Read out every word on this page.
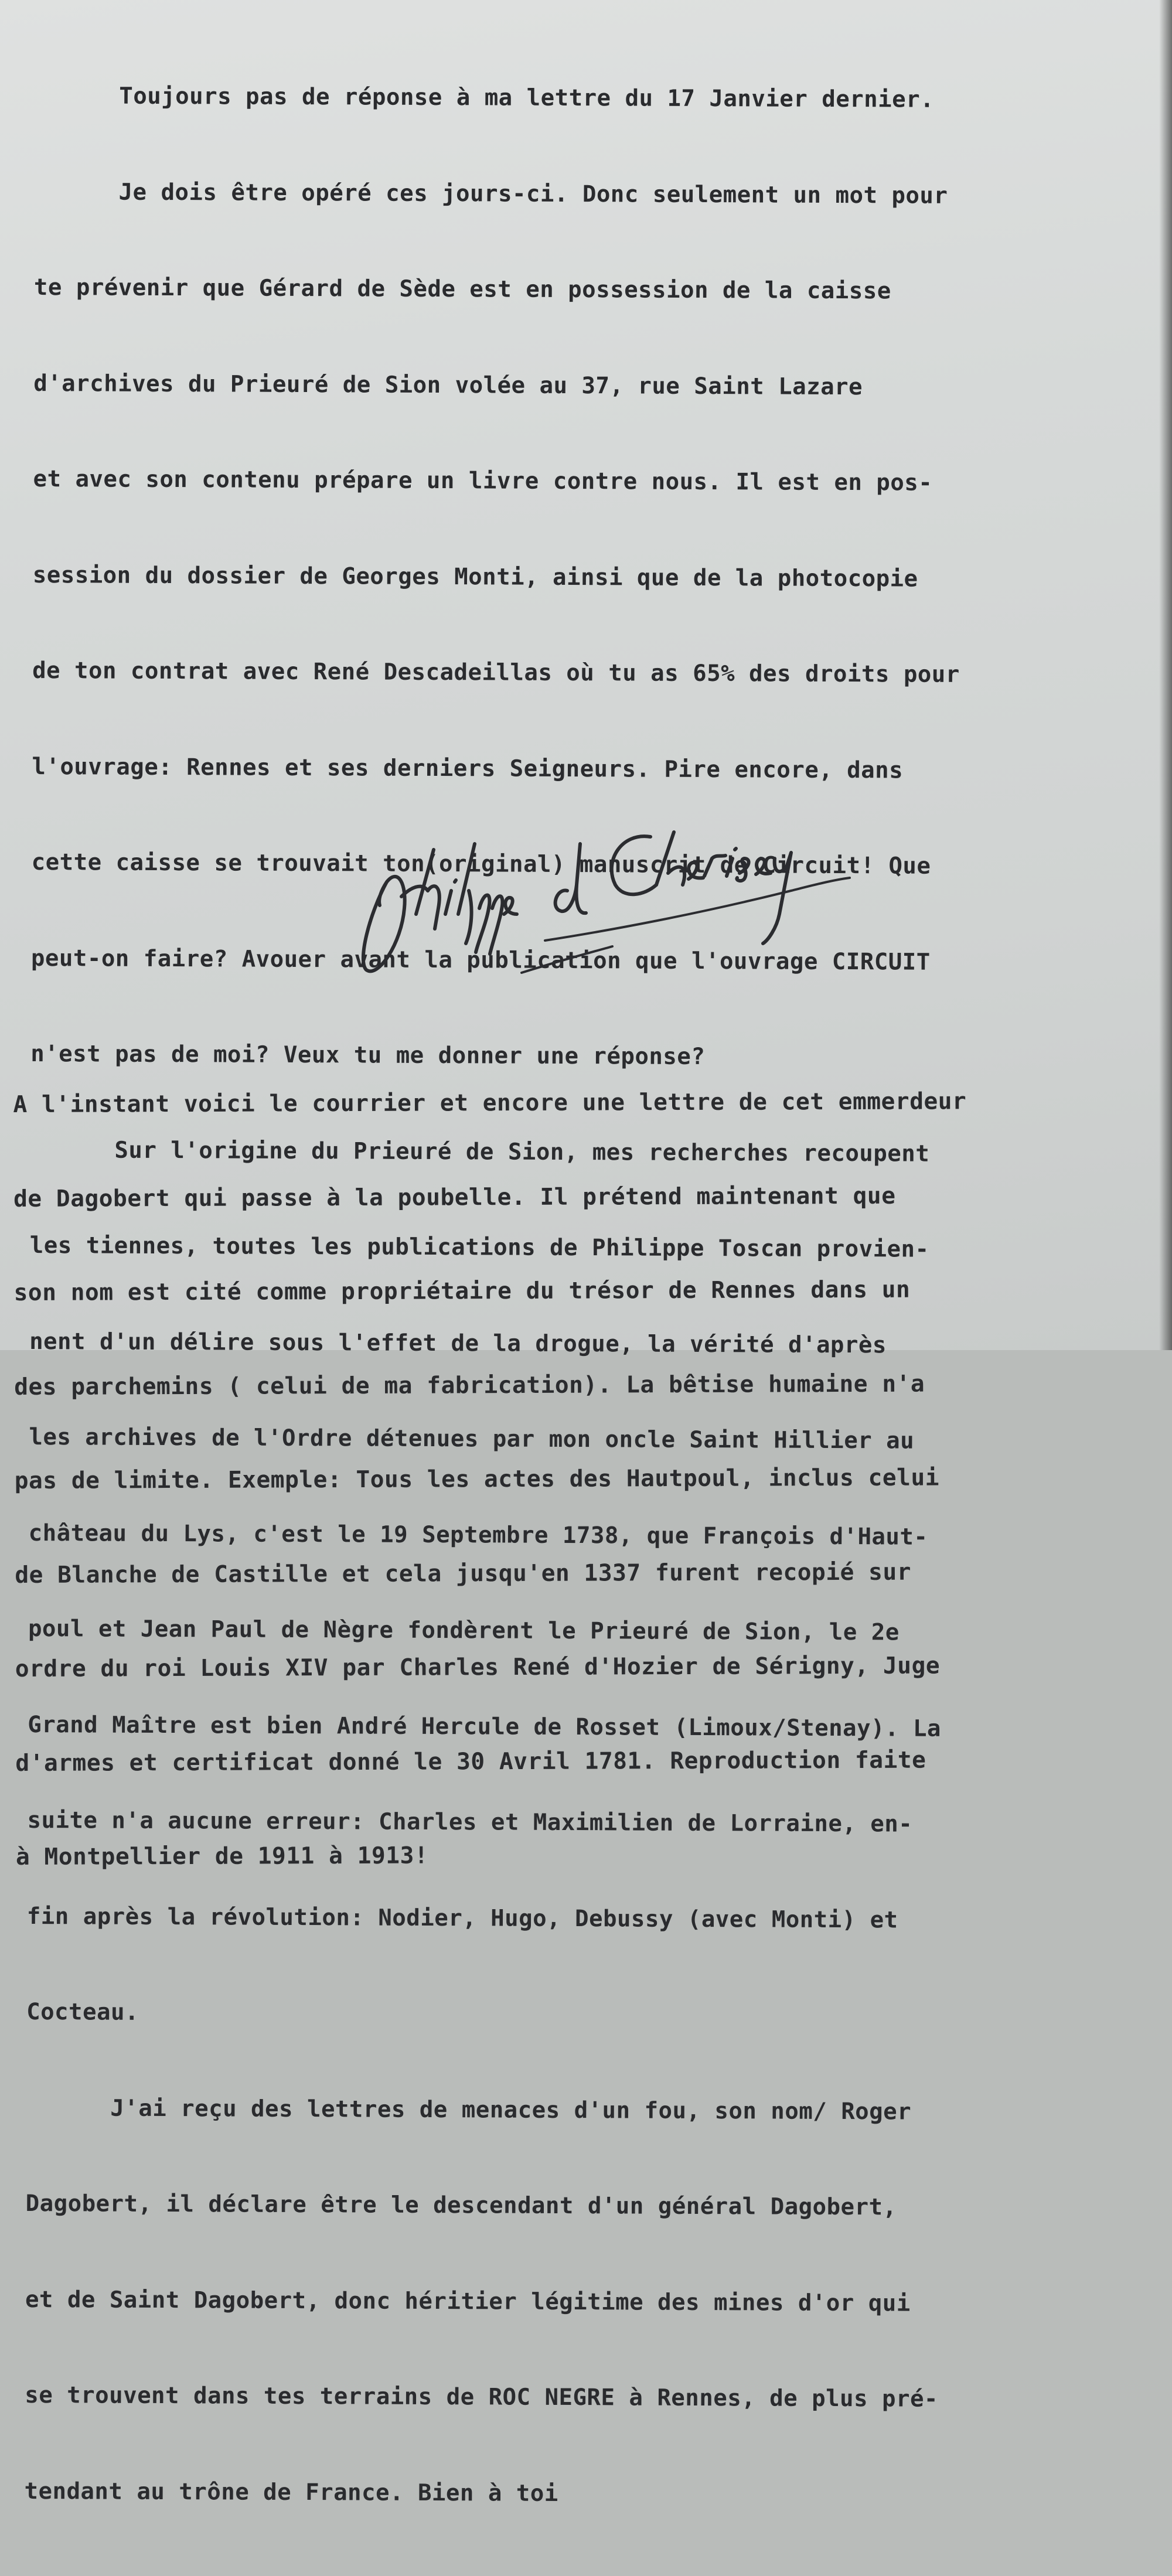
Toujours pas de réponse à ma lettre du 17 Janvier dernier.

Je dois être opéré ces jours-ci. Donc seulement un mot pour

te prévenir que Gérard de Sède est en possession de la caisse

d'archives du Prieuré de Sion volée au 37, rue Saint Lazare

et avec son contenu prépare un livre contre nous. Il est en pos-

session du dossier de Georges Monti, ainsi que de la photocopie

de ton contrat avec René Descadeillas où tu as 65% des droits pour

l'ouvrage: Rennes et ses derniers Seigneurs. Pire encore, dans

cette caisse se trouvait ton(original) manuscrit de Circuit! Que

peut-on faire? Avouer avant la publication que l'ouvrage CIRCUIT

n'est pas de moi? Veux tu me donner une réponse?

Sur l'origine du Prieuré de Sion, mes recherches recoupent

les tiennes, toutes les publications de Philippe Toscan provien-

nent d'un délire sous l'effet de la drogue, la vérité d'après

les archives de l'Ordre détenues par mon oncle Saint Hillier au

château du Lys, c'est le 19 Septembre 1738, que François d'Haut-

poul et Jean Paul de Nègre fondèrent le Prieuré de Sion, le 2e

Grand Maître est bien André Hercule de Rosset (Limoux/Stenay). La

suite n'a aucune erreur: Charles et Maximilien de Lorraine, en-

fin après la révolution: Nodier, Hugo, Debussy (avec Monti) et

Cocteau.

J'ai reçu des lettres de menaces d'un fou, son nom/ Roger

Dagobert, il déclare être le descendant d'un général Dagobert,

et de Saint Dagobert, donc héritier légitime des mines d'or qui

se trouvent dans tes terrains de ROC NEGRE à Rennes, de plus pré-

tendant au trône de France. Bien à toi

A l'instant voici le courrier et encore une lettre de cet emmerdeur

de Dagobert qui passe à la poubelle. Il prétend maintenant que

son nom est cité comme propriétaire du trésor de Rennes dans un

des parchemins ( celui de ma fabrication). La bêtise humaine n'a

pas de limite. Exemple: Tous les actes des Hautpoul, inclus celui

de Blanche de Castille et cela jusqu'en 1337 furent recopié sur

ordre du roi Louis XIV par Charles René d'Hozier de Sérigny, Juge

d'armes et certificat donné le 30 Avril 1781. Reproduction faite

à Montpellier de 1911 à 1913!
